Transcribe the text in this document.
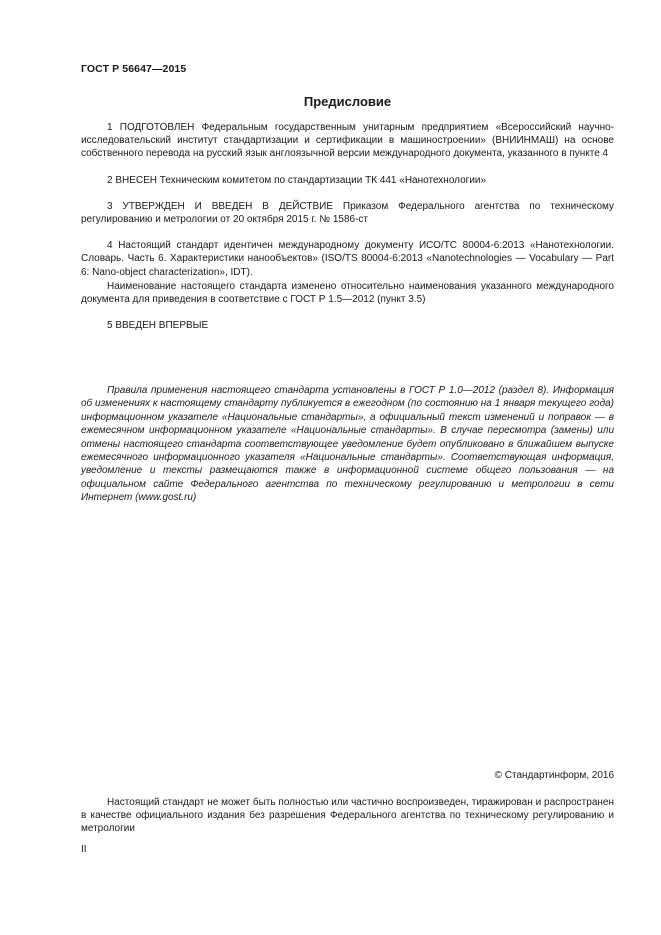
ГОСТ Р 56647—2015
Предисловие

1 ПОДГОТОВЛЕН Федеральным государственным унитарным предприятием «Всероссийский научно-исследовательский институт стандартизации и сертификации в машиностроении» (ВНИИНМАШ) на основе собственного перевода на русский язык англоязычной версии международного документа, указанного в пункте 4

2 ВНЕСЕН Техническим комитетом по стандартизации ТК 441 «Нанотехнологии»

3 УТВЕРЖДЕН И ВВЕДЕН В ДЕЙСТВИЕ Приказом Федерального агентства по техническому регулированию и метрологии от 20 октября 2015 г. № 1586-ст

4 Настоящий стандарт идентичен международному документу ИСО/ТС 80004-6:2013 «Нанотехнологии. Словарь. Часть 6. Характеристики нанообъектов» (ISO/TS 80004-6:2013 «Nanotechnologies — Vocabulary — Part 6: Nano-object characterization», IDT).

Наименование настоящего стандарта изменено относительно наименования указанного международного документа для приведения в соответствие с ГОСТ Р 1.5—2012 (пункт 3.5)

5 ВВЕДЕН ВПЕРВЫЕ

Правила применения настоящего стандарта установлены в ГОСТ Р 1.0—2012 (раздел 8). Информация об изменениях к настоящему стандарту публикуется в ежегодном (по состоянию на 1 января текущего года) информационном указателе «Национальные стандарты», а официальный текст изменений и поправок — в ежемесячном информационном указателе «Национальные стандарты». В случае пересмотра (замены) или отмены настоящего стандарта соответствующее уведомление будет опубликовано в ближайшем выпуске ежемесячного информационного указателя «Национальные стандарты». Соответствующая информация, уведомление и тексты размещаются также в информационной системе общего пользования — на официальном сайте Федерального агентства по техническому регулированию и метрологии в сети Интернет (www.gost.ru)

© Стандартинформ, 2016

Настоящий стандарт не может быть полностью или частично воспроизведен, тиражирован и распространен в качестве официального издания без разрешения Федерального агентства по техническому регулированию и метрологии

II
